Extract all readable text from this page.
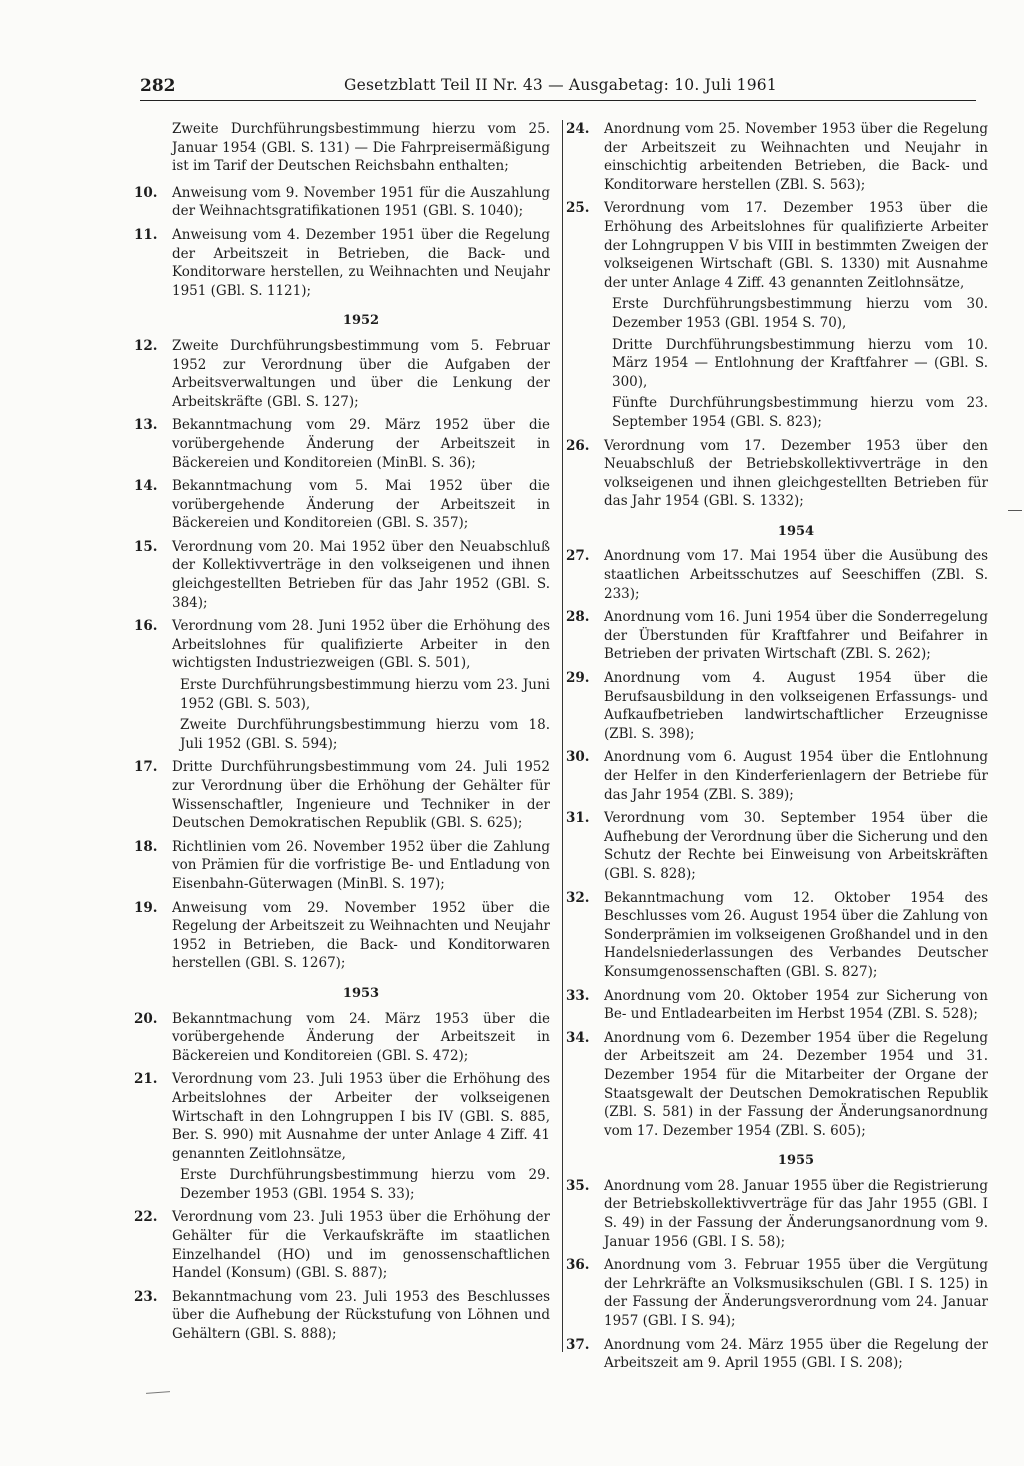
282	Gesetzblatt Teil II Nr. 43 — Ausgabetag: 10. Juli 1961
Zweite Durchführungsbestimmung hierzu vom 25. Januar 1954 (GBl. S. 131) — Die Fahrpreisermäßigung ist im Tarif der Deutschen Reichsbahn enthalten;
10. Anweisung vom 9. November 1951 für die Auszahlung der Weihnachtsgratifikationen 1951 (GBl. S. 1040);
11. Anweisung vom 4. Dezember 1951 über die Regelung der Arbeitszeit in Betrieben, die Back- und Konditorware herstellen, zu Weihnachten und Neujahr 1951 (GBl. S. 1121);
1952
12. Zweite Durchführungsbestimmung vom 5. Februar 1952 zur Verordnung über die Aufgaben der Arbeitsverwaltungen und über die Lenkung der Arbeitskräfte (GBl. S. 127);
13. Bekanntmachung vom 29. März 1952 über die vorübergehende Änderung der Arbeitszeit in Bäckereien und Konditoreien (MinBl. S. 36);
14. Bekanntmachung vom 5. Mai 1952 über die vorübergehende Änderung der Arbeitszeit in Bäckereien und Konditoreien (GBl. S. 357);
15. Verordnung vom 20. Mai 1952 über den Neuabschluß der Kollektivverträge in den volkseigenen und ihnen gleichgestellten Betrieben für das Jahr 1952 (GBl. S. 384);
16. Verordnung vom 28. Juni 1952 über die Erhöhung des Arbeitslohnes für qualifizierte Arbeiter in den wichtigsten Industriezweigen (GBl. S. 501),
Erste Durchführungsbestimmung hierzu vom 23. Juni 1952 (GBl. S. 503),
Zweite Durchführungsbestimmung hierzu vom 18. Juli 1952 (GBl. S. 594);
17. Dritte Durchführungsbestimmung vom 24. Juli 1952 zur Verordnung über die Erhöhung der Gehälter für Wissenschaftler, Ingenieure und Techniker in der Deutschen Demokratischen Republik (GBl. S. 625);
18. Richtlinien vom 26. November 1952 über die Zahlung von Prämien für die vorfristige Be- und Entladung von Eisenbahn-Güterwagen (MinBl. S. 197);
19. Anweisung vom 29. November 1952 über die Regelung der Arbeitszeit zu Weihnachten und Neujahr 1952 in Betrieben, die Back- und Konditorwaren herstellen (GBl. S. 1267);
1953
20. Bekanntmachung vom 24. März 1953 über die vorübergehende Änderung der Arbeitszeit in Bäckereien und Konditoreien (GBl. S. 472);
21. Verordnung vom 23. Juli 1953 über die Erhöhung des Arbeitslohnes der Arbeiter der volkseigenen Wirtschaft in den Lohngruppen I bis IV (GBl. S. 885, Ber. S. 990) mit Ausnahme der unter Anlage 4 Ziff. 41 genannten Zeitlohnsätze,
Erste Durchführungsbestimmung hierzu vom 29. Dezember 1953 (GBl. 1954 S. 33);
22. Verordnung vom 23. Juli 1953 über die Erhöhung der Gehälter für die Verkaufskräfte im staatlichen Einzelhandel (HO) und im genossenschaftlichen Handel (Konsum) (GBl. S. 887);
23. Bekanntmachung vom 23. Juli 1953 des Beschlusses über die Aufhebung der Rückstufung von Löhnen und Gehältern (GBl. S. 888);
24. Anordnung vom 25. November 1953 über die Regelung der Arbeitszeit zu Weihnachten und Neujahr in einschichtig arbeitenden Betrieben, die Back- und Konditorware herstellen (ZBl. S. 563);
25. Verordnung vom 17. Dezember 1953 über die Erhöhung des Arbeitslohnes für qualifizierte Arbeiter der Lohngruppen V bis VIII in bestimmten Zweigen der volkseigenen Wirtschaft (GBl. S. 1330) mit Ausnahme der unter Anlage 4 Ziff. 43 genannten Zeitlohnsätze,
Erste Durchführungsbestimmung hierzu vom 30. Dezember 1953 (GBl. 1954 S. 70),
Dritte Durchführungsbestimmung hierzu vom 10. März 1954 — Entlohnung der Kraftfahrer — (GBl. S. 300),
Fünfte Durchführungsbestimmung hierzu vom 23. September 1954 (GBl. S. 823);
26. Verordnung vom 17. Dezember 1953 über den Neuabschluß der Betriebskollektivverträge in den volkseigenen und ihnen gleichgestellten Betrieben für das Jahr 1954 (GBl. S. 1332);
1954
27. Anordnung vom 17. Mai 1954 über die Ausübung des staatlichen Arbeitsschutzes auf Seeschiffen (ZBl. S. 233);
28. Anordnung vom 16. Juni 1954 über die Sonderregelung der Überstunden für Kraftfahrer und Beifahrer in Betrieben der privaten Wirtschaft (ZBl. S. 262);
29. Anordnung vom 4. August 1954 über die Berufsausbildung in den volkseigenen Erfassungs- und Aufkaufbetrieben landwirtschaftlicher Erzeugnisse (ZBl. S. 398);
30. Anordnung vom 6. August 1954 über die Entlohnung der Helfer in den Kinderferienlagern der Betriebe für das Jahr 1954 (ZBl. S. 389);
31. Verordnung vom 30. September 1954 über die Aufhebung der Verordnung über die Sicherung und den Schutz der Rechte bei Einweisung von Arbeitskräften (GBl. S. 828);
32. Bekanntmachung vom 12. Oktober 1954 des Beschlusses vom 26. August 1954 über die Zahlung von Sonderprämien im volkseigenen Großhandel und in den Handelsniederlassungen des Verbandes Deutscher Konsumgenossenschaften (GBl. S. 827);
33. Anordnung vom 20. Oktober 1954 zur Sicherung von Be- und Entladearbeiten im Herbst 1954 (ZBl. S. 528);
34. Anordnung vom 6. Dezember 1954 über die Regelung der Arbeitszeit am 24. Dezember 1954 und 31. Dezember 1954 für die Mitarbeiter der Organe der Staatsgewalt der Deutschen Demokratischen Republik (ZBl. S. 581) in der Fassung der Änderungsanordnung vom 17. Dezember 1954 (ZBl. S. 605);
1955
35. Anordnung vom 28. Januar 1955 über die Registrierung der Betriebskollektivverträge für das Jahr 1955 (GBl. I S. 49) in der Fassung der Änderungsanordnung vom 9. Januar 1956 (GBl. I S. 58);
36. Anordnung vom 3. Februar 1955 über die Vergütung der Lehrkräfte an Volksmusikschulen (GBl. I S. 125) in der Fassung der Änderungsverordnung vom 24. Januar 1957 (GBl. I S. 94);
37. Anordnung vom 24. März 1955 über die Regelung der Arbeitszeit am 9. April 1955 (GBl. I S. 208);
